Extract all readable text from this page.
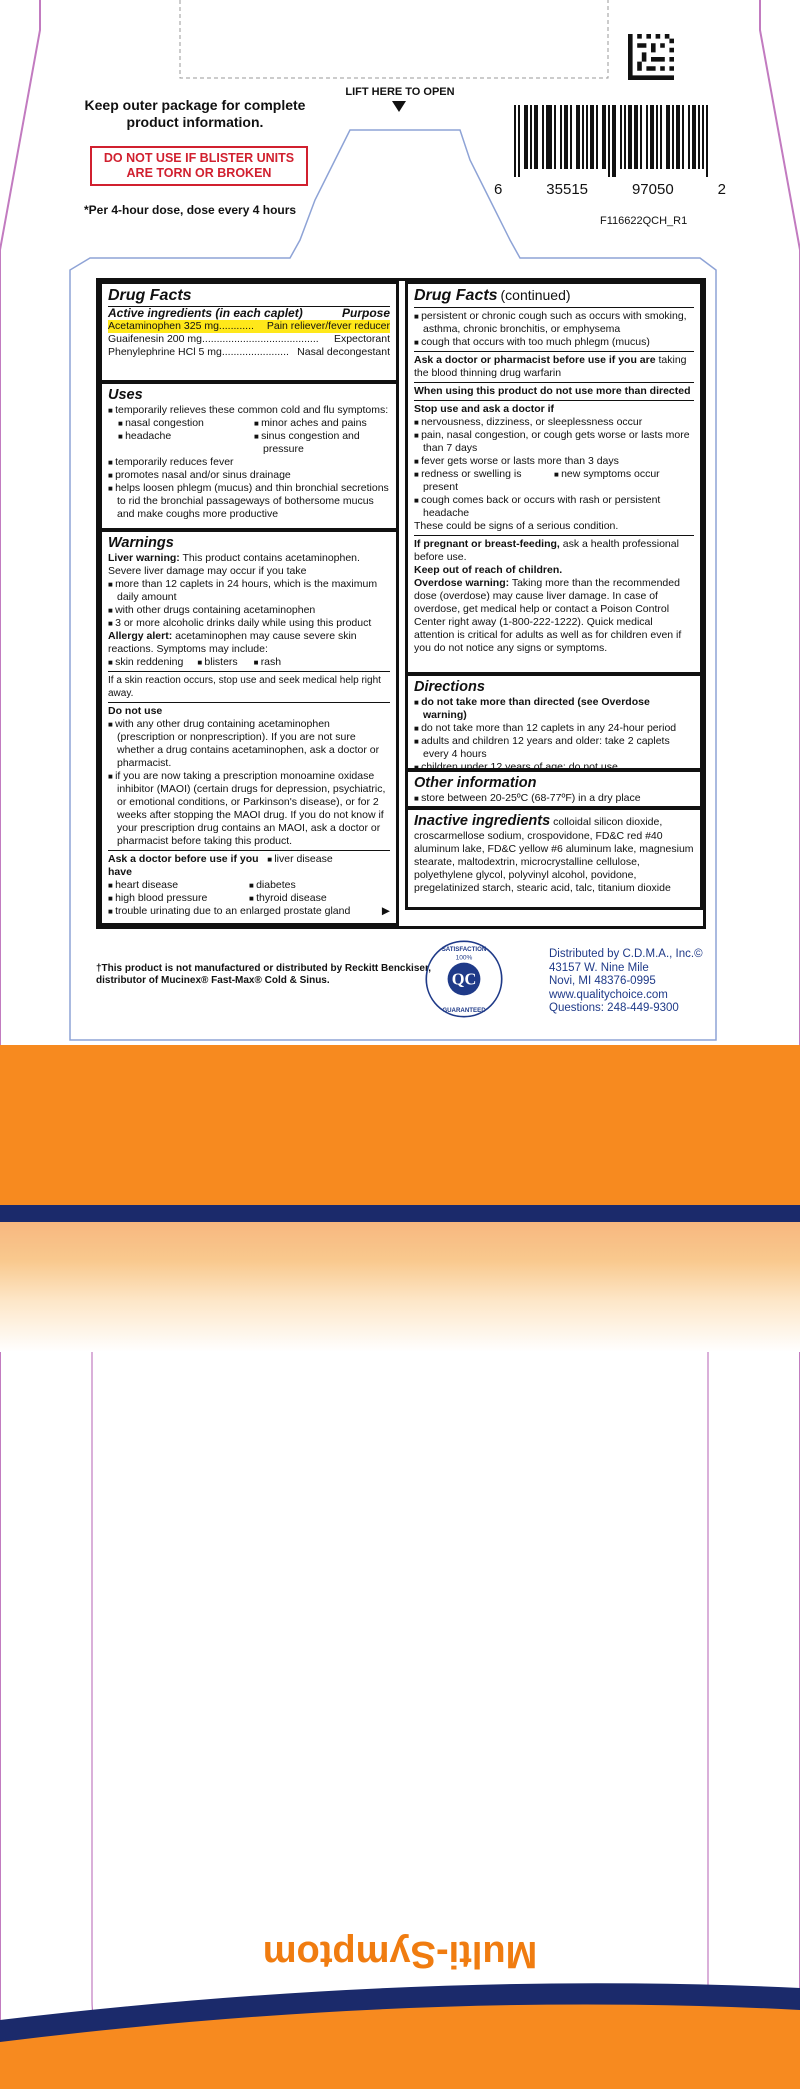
Keep outer package for complete product information.
DO NOT USE IF BLISTER UNITS ARE TORN OR BROKEN
*Per 4-hour dose, dose every 4 hours
LIFT HERE TO OPEN
6	35515	97050	2
F116622QCH_R1
Drug Facts
Active ingredients (in each caplet)	Purpose
Acetaminophen 325 mg............ Pain reliever/fever reducer
Guaifenesin 200 mg........................................ Expectorant
Phenylephrine HCl 5 mg....................... Nasal decongestant
Uses
■ temporarily relieves these common cold and flu symptoms:
■ nasal congestion	■ minor aches and pains
■ headache	■ sinus congestion and pressure
■ temporarily reduces fever
■ promotes nasal and/or sinus drainage
■ helps loosen phlegm (mucus) and thin bronchial secretions to rid the bronchial passageways of bothersome mucus and make coughs more productive
Warnings
Liver warning: This product contains acetaminophen. Severe liver damage may occur if you take
■ more than 12 caplets in 24 hours, which is the maximum daily amount
■ with other drugs containing acetaminophen
■ 3 or more alcoholic drinks daily while using this product
Allergy alert: acetaminophen may cause severe skin reactions. Symptoms may include:
■ skin reddening	■ blisters	■ rash
If a skin reaction occurs, stop use and seek medical help right away.
Do not use
■ with any other drug containing acetaminophen (prescription or nonprescription). If you are not sure whether a drug contains acetaminophen, ask a doctor or pharmacist.
■ if you are now taking a prescription monoamine oxidase inhibitor (MAOI) (certain drugs for depression, psychiatric, or emotional conditions, or Parkinson's disease), or for 2 weeks after stopping the MAOI drug. If you do not know if your prescription drug contains an MAOI, ask a doctor or pharmacist before taking this product.
Ask a doctor before use if you have
■ liver disease
■ heart disease	■ diabetes
■ high blood pressure	■ thyroid disease
■ trouble urinating due to an enlarged prostate gland	▶
Drug Facts (continued)
■ persistent or chronic cough such as occurs with smoking, asthma, chronic bronchitis, or emphysema
■ cough that occurs with too much phlegm (mucus)
Ask a doctor or pharmacist before use if you are taking the blood thinning drug warfarin
When using this product do not use more than directed
Stop use and ask a doctor if
■ nervousness, dizziness, or sleeplessness occur
■ pain, nasal congestion, or cough gets worse or lasts more than 7 days
■ fever gets worse or lasts more than 3 days
■ redness or swelling is present
■ new symptoms occur
■ cough comes back or occurs with rash or persistent headache
These could be signs of a serious condition.
If pregnant or breast-feeding, ask a health professional before use.
Keep out of reach of children.
Overdose warning: Taking more than the recommended dose (overdose) may cause liver damage. In case of overdose, get medical help or contact a Poison Control Center right away (1-800-222-1222). Quick medical attention is critical for adults as well as for children even if you do not notice any signs or symptoms.
Directions
■ do not take more than directed (see Overdose warning)
■ do not take more than 12 caplets in any 24-hour period
■ adults and children 12 years and older: take 2 caplets every 4 hours
■ children under 12 years of age: do not use
Other information
■ store between 20-25ºC (68-77ºF) in a dry place
Inactive ingredients colloidal silicon dioxide, croscarmellose sodium, crospovidone, FD&C red #40 aluminum lake, FD&C yellow #6 aluminum lake, magnesium stearate, maltodextrin, microcrystalline cellulose, polyethylene glycol, polyvinyl alcohol, povidone, pregelatinized starch, stearic acid, talc, titanium dioxide
†This product is not manufactured or distributed by Reckitt Benckiser,
distributor of Mucinex® Fast-Max® Cold & Sinus.	QC
100%
SATISFACTION
GUARANTEED
Distributed by C.D.M.A., Inc.©
43157 W. Nine Mile
Novi, MI 48376-0995
www.qualitychoice.com
Questions: 248-449-9300
Multi-Symptom
